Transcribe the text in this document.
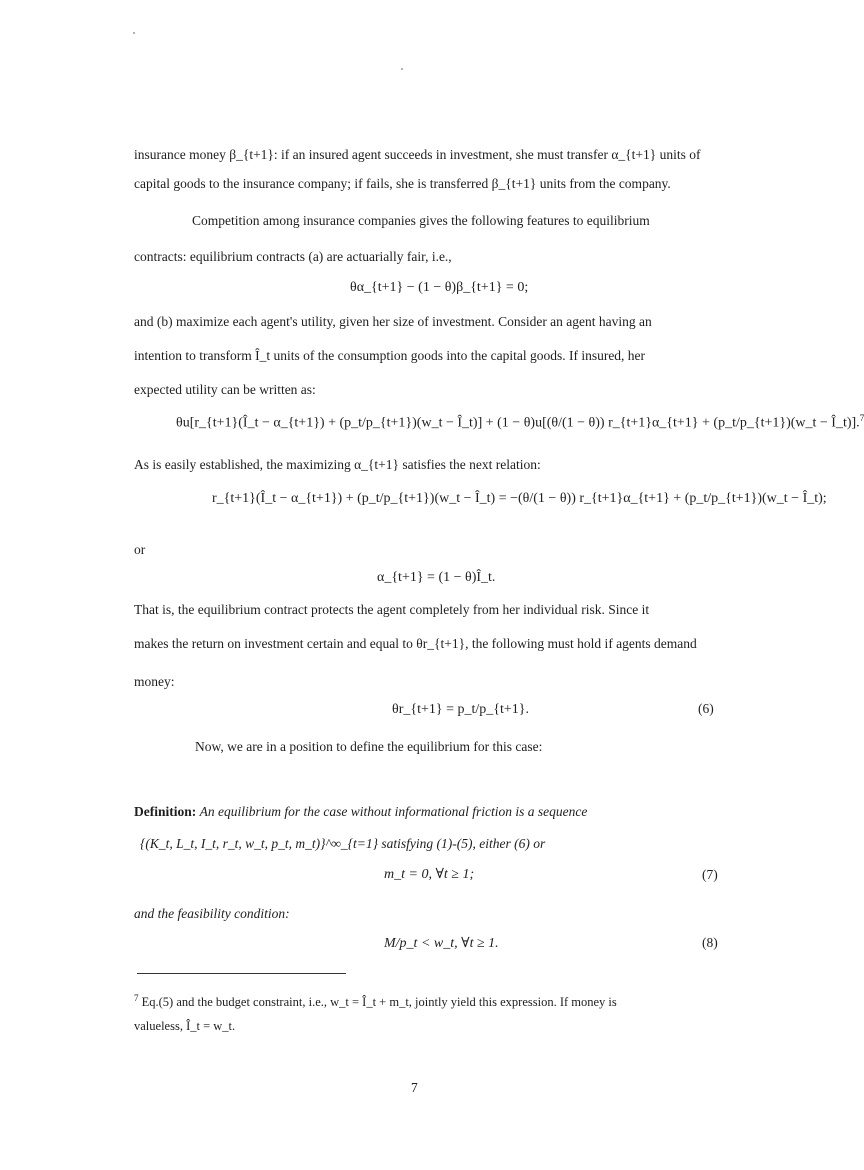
insurance money β_{t+1}: if an insured agent succeeds in investment, she must transfer α_{t+1} units of
capital goods to the insurance company; if fails, she is transferred β_{t+1} units from the company.
Competition among insurance companies gives the following features to equilibrium
contracts: equilibrium contracts (a) are actuarially fair, i.e.,
θα_{t+1} − (1 − θ)β_{t+1} = 0;
and (b) maximize each agent's utility, given her size of investment. Consider an agent having an
intention to transform Î_t units of the consumption goods into the capital goods. If insured, her
expected utility can be written as:
θu[r_{t+1}(Î_t − α_{t+1}) + (p_t/p_{t+1})(w_t − Î_t)] + (1 − θ)u[(θ/(1 − θ)) r_{t+1}α_{t+1} + (p_t/p_{t+1})(w_t − Î_t)].$^7$
As is easily established, the maximizing α_{t+1} satisfies the next relation:
r_{t+1}(Î_t − α_{t+1}) + (p_t/p_{t+1})(w_t − Î_t) = −(θ/(1 − θ)) r_{t+1}α_{t+1} + (p_t/p_{t+1})(w_t − Î_t);
or
α_{t+1} = (1 − θ)Î_t.
That is, the equilibrium contract protects the agent completely from her individual risk. Since it
makes the return on investment certain and equal to θr_{t+1}, the following must hold if agents demand
money:
θr_{t+1} = p_t/p_{t+1}.	(6)
Now, we are in a position to define the equilibrium for this case:
Definition: An equilibrium for the case without informational friction is a sequence
{(K_t, L_t, I_t, r_t, w_t, p_t, m_t)}^∞_{t=1} satisfying (1)-(5), either (6) or
m_t = 0, ∀t ≥ 1;	(7)
and the feasibility condition:
M/p_t < w_t, ∀t ≥ 1.	(8)
$^7$ Eq.(5) and the budget constraint, i.e., w_t = Î_t + m_t, jointly yield this expression. If money is
valueless, Î_t = w_t.
7
